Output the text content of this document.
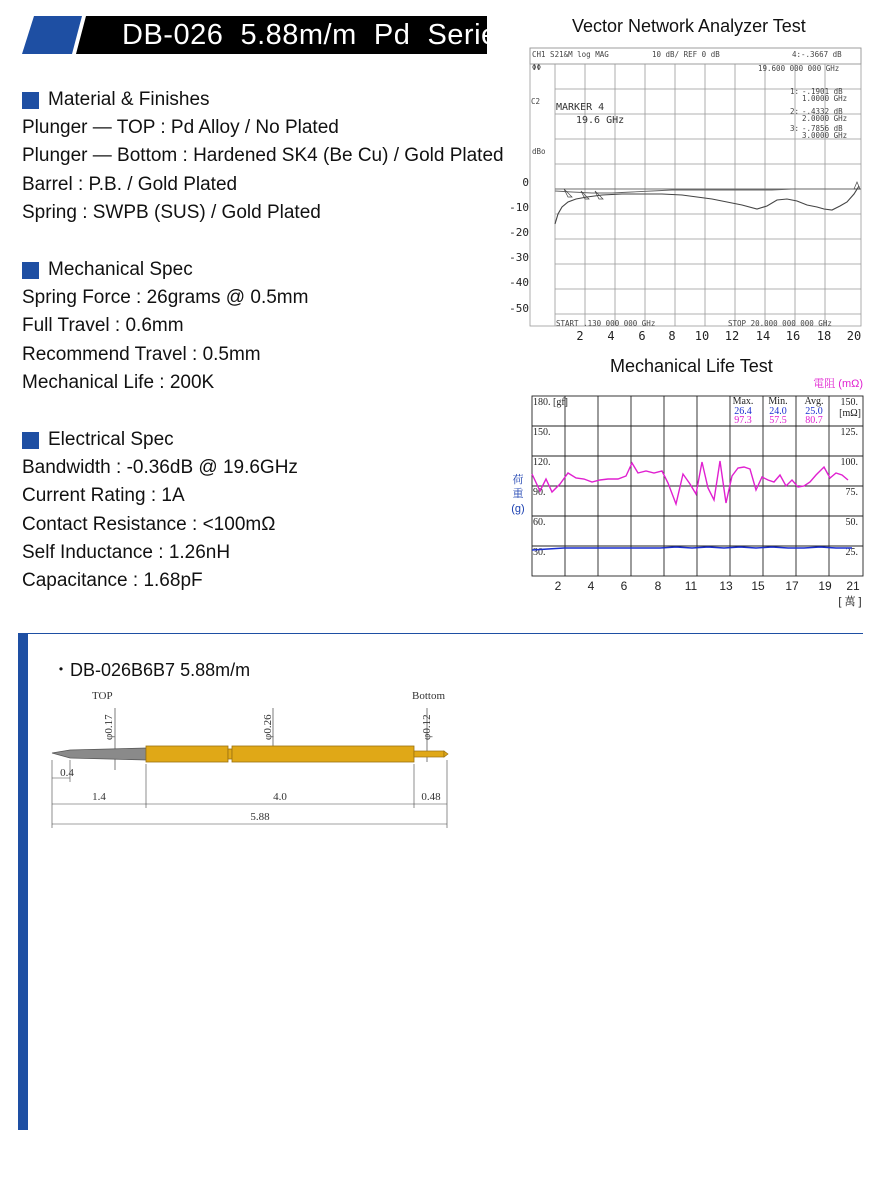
DB-026  5.88m/m  Pd  Series
Material & Finishes
Plunger — TOP : Pd Alloy / No Plated
Plunger — Bottom : Hardened SK4 (Be Cu) / Gold Plated
Barrel : P.B. / Gold Plated
Spring : SWPB (SUS) / Gold Plated
Mechanical Spec
Spring Force : 26grams @ 0.5mm
Full Travel : 0.6mm
Recommend Travel : 0.5mm
Mechanical Life : 200K
Electrical Spec
Bandwidth : -0.36dB @ 19.6GHz
Current Rating : 1A
Contact Resistance : <100mΩ
Self Inductance : 1.26nH
Capacitance : 1.68pF
Vector Network Analyzer Test
CH1 S21&M log MAG	10 dB/ REF 0 dB	4:-.3667 dB
ΦΦ	19.600 000 000 GHz
C2
dBo
MARKER 4
19.6 GHz
1: -.1901 dB
1.0000 GHz
2: -.4332 dB
2.0000 GHz
3: -.7856 dB
3.0000 GHz
START .130 000 000 GHz	STOP 20.000 000 000 GHz
0
-10
-20
-30
-40
-50
2 4 6 8 10 12 14 16 18 20
Mechanical Life Test
電阻 (mΩ)
荷
重
(g)
180. [gf]
150.
120.
90.
60.
30.
150.
[mΩ]
125.
100.
75.
50.
25.
Max.
26.4
97.3
Min.
24.0
57.5
Avg.
25.0
80.7
2 4 6 8 11 13 15 17 19 21
[ 萬 ]
・DB-026B6B7 5.88m/m
TOP	Bottom
φ0.17	φ0.26	φ0.12
0.4
1.4	4.0	0.48
5.88
